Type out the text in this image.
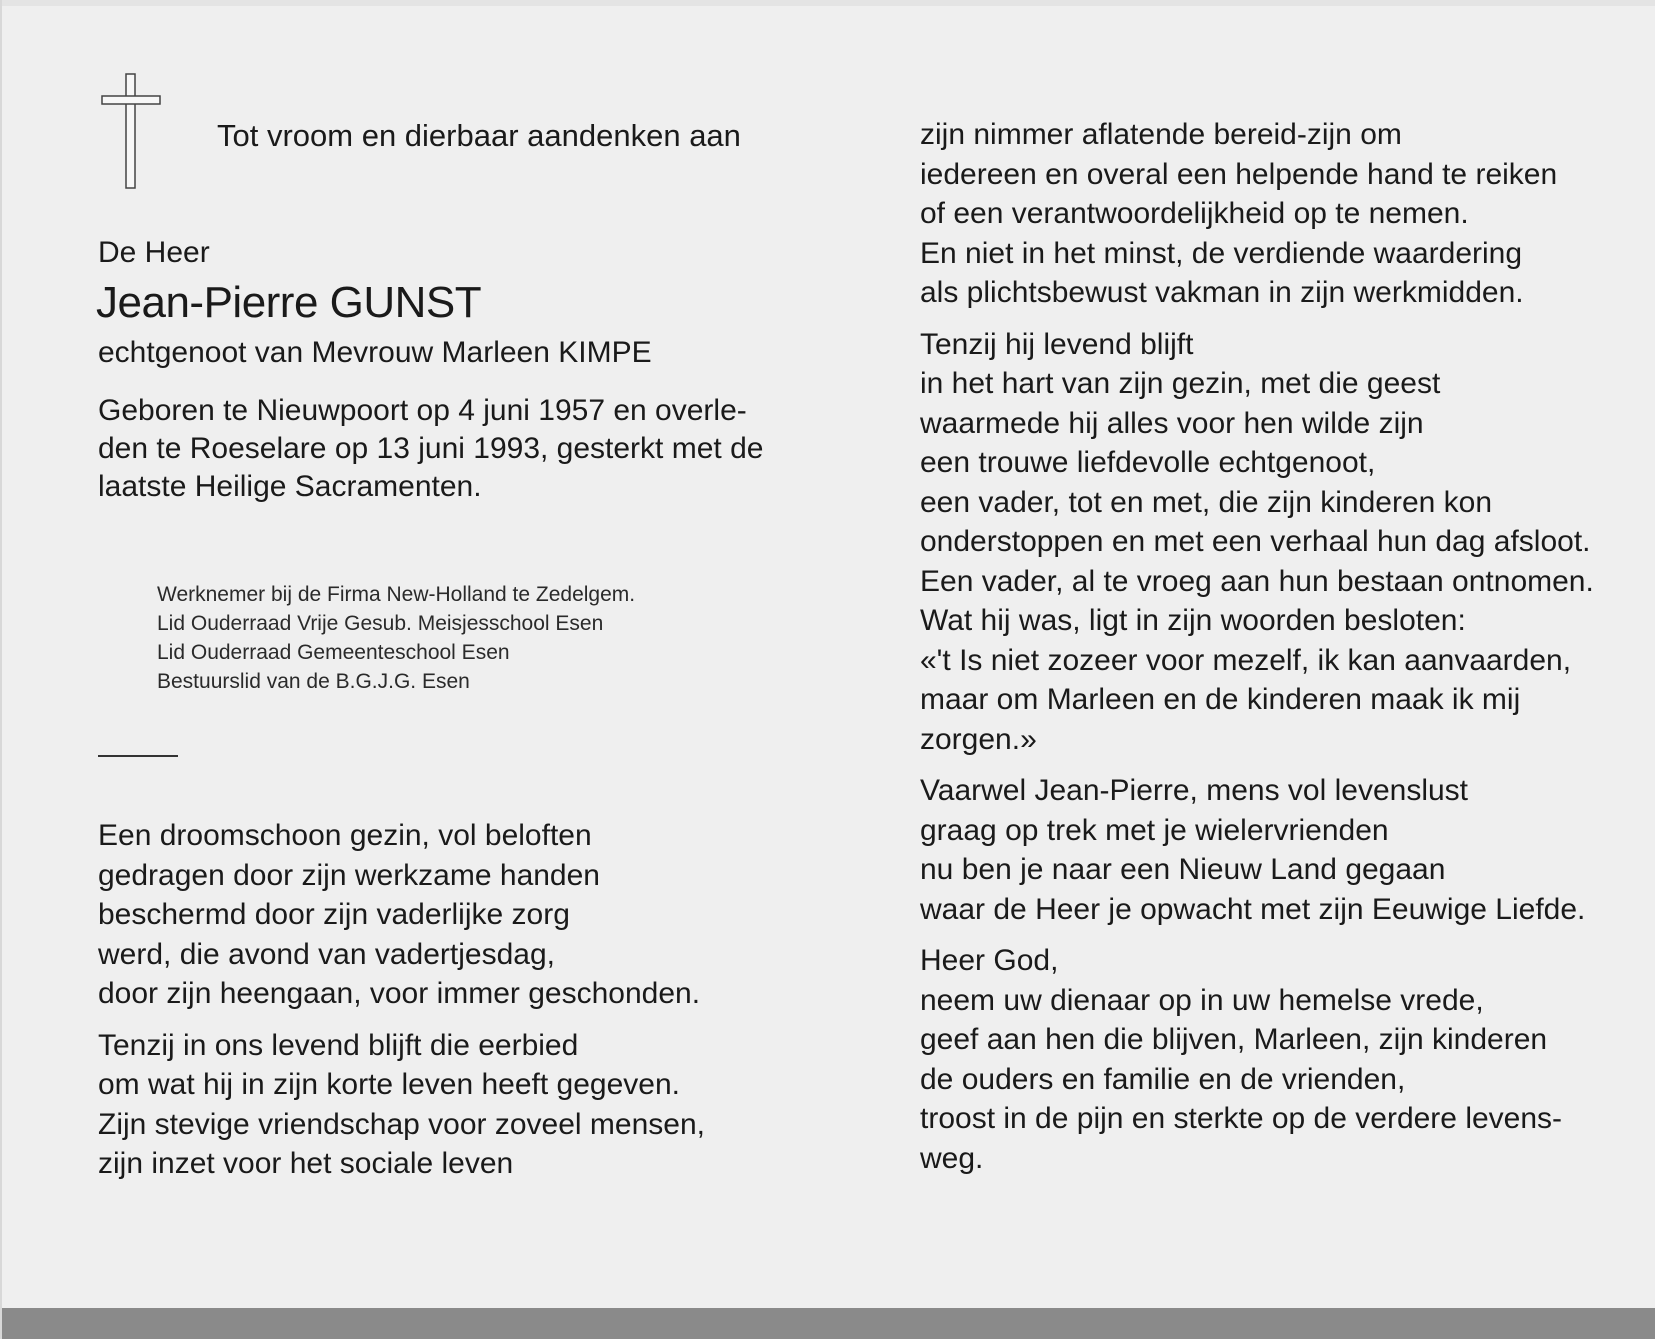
Tot vroom en dierbaar aandenken aan
De Heer
Jean-Pierre GUNST
echtgenoot van Mevrouw Marleen KIMPE
Geboren te Nieuwpoort op 4 juni 1957 en overle-
den te Roeselare op 13 juni 1993, gesterkt met de
laatste Heilige Sacramenten.
Werknemer bij de Firma New-Holland te Zedelgem.
Lid Ouderraad Vrije Gesub. Meisjesschool Esen
Lid Ouderraad Gemeenteschool Esen
Bestuurslid van de B.G.J.G. Esen
Een droomschoon gezin, vol beloften
gedragen door zijn werkzame handen
beschermd door zijn vaderlijke zorg
werd, die avond van vadertjesdag,
door zijn heengaan, voor immer geschonden.
Tenzij in ons levend blijft die eerbied
om wat hij in zijn korte leven heeft gegeven.
Zijn stevige vriendschap voor zoveel mensen,
zijn inzet voor het sociale leven
zijn nimmer aflatende bereid-zijn om
iedereen en overal een helpende hand te reiken
of een verantwoordelijkheid op te nemen.
En niet in het minst, de verdiende waardering
als plichtsbewust vakman in zijn werkmidden.
Tenzij hij levend blijft
in het hart van zijn gezin, met die geest
waarmede hij alles voor hen wilde zijn
een trouwe liefdevolle echtgenoot,
een vader, tot en met, die zijn kinderen kon
onderstoppen en met een verhaal hun dag afsloot.
Een vader, al te vroeg aan hun bestaan ontnomen.
Wat hij was, ligt in zijn woorden besloten:
«'t Is niet zozeer voor mezelf, ik kan aanvaarden,
maar om Marleen en de kinderen maak ik mij
zorgen.»
Vaarwel Jean-Pierre, mens vol levenslust
graag op trek met je wielervrienden
nu ben je naar een Nieuw Land gegaan
waar de Heer je opwacht met zijn Eeuwige Liefde.
Heer God,
neem uw dienaar op in uw hemelse vrede,
geef aan hen die blijven, Marleen, zijn kinderen
de ouders en familie en de vrienden,
troost in de pijn en sterkte op de verdere levens-
weg.
